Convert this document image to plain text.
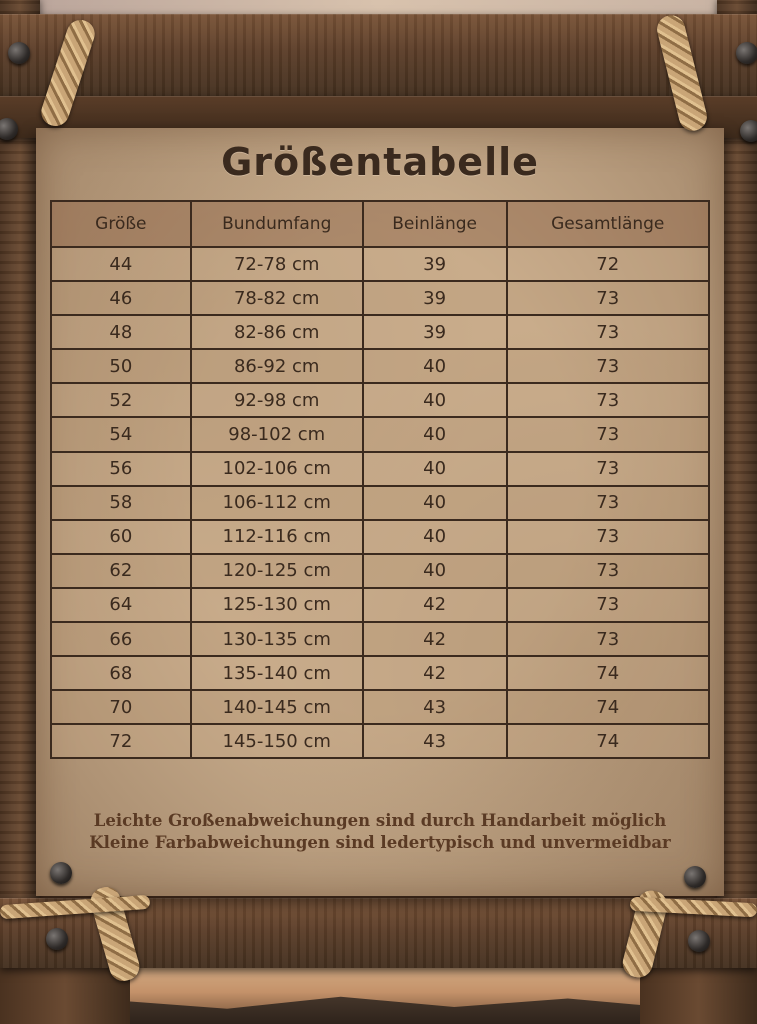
Größentabelle
Größe	Bundumfang	Beinlänge	Gesamtlänge
44	72-78 cm	39	72
46	78-82 cm	39	73
48	82-86 cm	39	73
50	86-92 cm	40	73
52	92-98 cm	40	73
54	98-102 cm	40	73
56	102-106 cm	40	73
58	106-112 cm	40	73
60	112-116 cm	40	73
62	120-125 cm	40	73
64	125-130 cm	42	73
66	130-135 cm	42	73
68	135-140 cm	42	74
70	140-145 cm	43	74
72	145-150 cm	43	74
Leichte Großenabweichungen sind durch Handarbeit möglich
Kleine Farbabweichungen sind ledertypisch und unvermeidbar
